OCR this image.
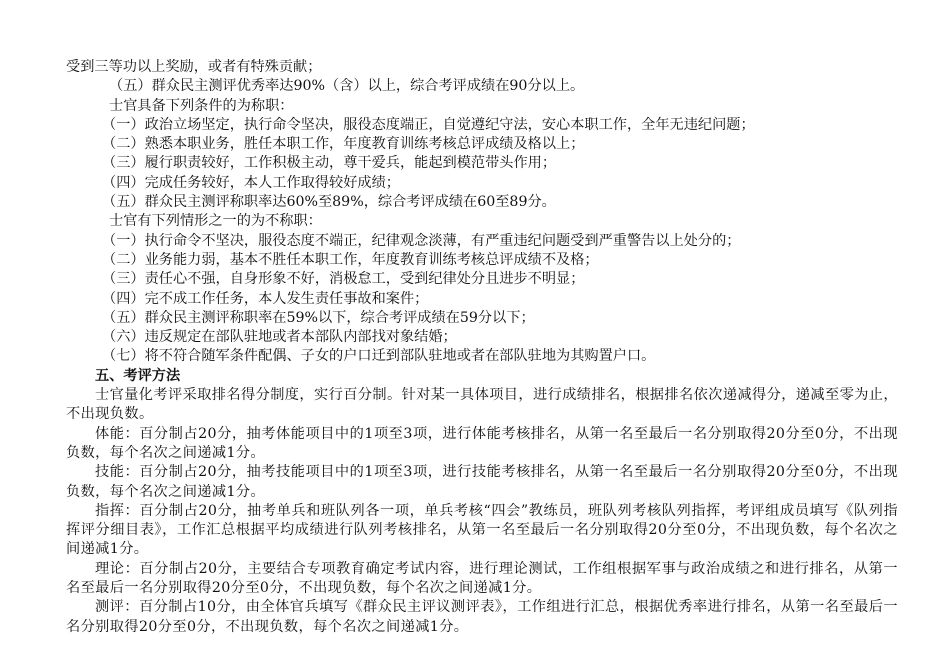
受到三等功以上奖励，或者有特殊贡献；
（五）群众民主测评优秀率达90%（含）以上，综合考评成绩在90分以上。
士官具备下列条件的为称职：
（一）政治立场坚定，执行命令坚决，服役态度端正，自觉遵纪守法，安心本职工作，全年无违纪问题；
（二）熟悉本职业务，胜任本职工作，年度教育训练考核总评成绩及格以上；
（三）履行职责较好，工作积极主动，尊干爱兵，能起到模范带头作用；
（四）完成任务较好，本人工作取得较好成绩；
（五）群众民主测评称职率达60%至89%，综合考评成绩在60至89分。
士官有下列情形之一的为不称职：
（一）执行命令不坚决，服役态度不端正，纪律观念淡薄，有严重违纪问题受到严重警告以上处分的；
（二）业务能力弱，基本不胜任本职工作，年度教育训练考核总评成绩不及格；
（三）责任心不强，自身形象不好，消极怠工，受到纪律处分且进步不明显；
（四）完不成工作任务，本人发生责任事故和案件；
（五）群众民主测评称职率在59%以下，综合考评成绩在59分以下；
（六）违反规定在部队驻地或者本部队内部找对象结婚；
（七）将不符合随军条件配偶、子女的户口迁到部队驻地或者在部队驻地为其购置户口。
五、考评方法
士官量化考评采取排名得分制度，实行百分制。针对某一具体项目，进行成绩排名，根据排名依次递减得分，递减至零为止，不出现负数。
体能：百分制占20分，抽考体能项目中的1项至3项，进行体能考核排名，从第一名至最后一名分别取得20分至0分，不出现负数，每个名次之间递减1分。
技能：百分制占20分，抽考技能项目中的1项至3项，进行技能考核排名，从第一名至最后一名分别取得20分至0分，不出现负数，每个名次之间递减1分。
指挥：百分制占20分，抽考单兵和班队列各一项，单兵考核“四会”教练员，班队列考核队列指挥，考评组成员填写《队列指挥评分细目表》，工作汇总根据平均成绩进行队列考核排名，从第一名至最后一名分别取得20分至0分，不出现负数，每个名次之间递减1分。
理论：百分制占20分，主要结合专项教育确定考试内容，进行理论测试，工作组根据军事与政治成绩之和进行排名，从第一名至最后一名分别取得20分至0分，不出现负数，每个名次之间递减1分。
测评：百分制占10分，由全体官兵填写《群众民主评议测评表》，工作组进行汇总，根据优秀率进行排名，从第一名至最后一名分别取得20分至0分，不出现负数，每个名次之间递减1分。
